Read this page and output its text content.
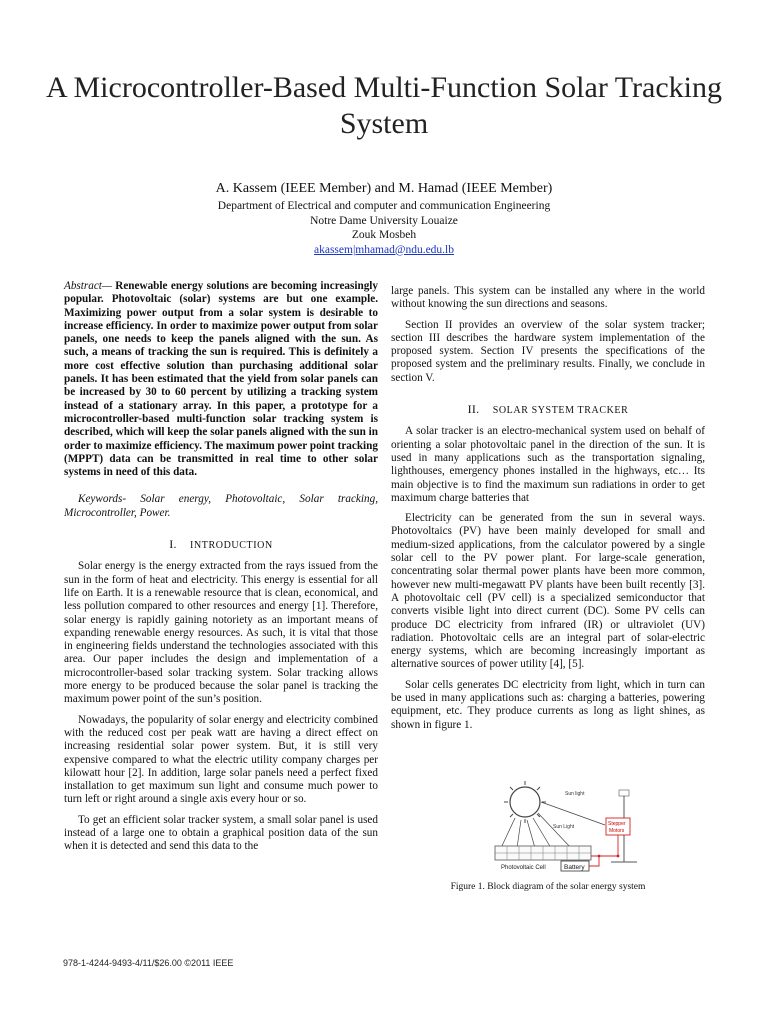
A Microcontroller-Based Multi-Function Solar Tracking System
A. Kassem (IEEE Member) and M. Hamad (IEEE Member)
Department of Electrical and computer and communication Engineering
Notre Dame University Louaize
Zouk Mosbeh
akassem|mhamad@ndu.edu.lb

Abstract— Renewable energy solutions are becoming increasingly popular. Photovoltaic (solar) systems are but one example. Maximizing power output from a solar system is desirable to increase efficiency. In order to maximize power output from solar panels, one needs to keep the panels aligned with the sun. As such, a means of tracking the sun is required. This is definitely a more cost effective solution than purchasing additional solar panels. It has been estimated that the yield from solar panels can be increased by 30 to 60 percent by utilizing a tracking system instead of a stationary array. In this paper, a prototype for a microcontroller-based multi-function solar tracking system is described, which will keep the solar panels aligned with the sun in order to maximize efficiency. The maximum power point tracking (MPPT) data can be transmitted in real time to other solar systems in need of this data.

Keywords- Solar energy, Photovoltaic, Solar tracking, Microcontroller, Power.

I. INTRODUCTION

Solar energy is the energy extracted from the rays issued from the sun in the form of heat and electricity. This energy is essential for all life on Earth. It is a renewable resource that is clean, economical, and less pollution compared to other resources and energy [1]. Therefore, solar energy is rapidly gaining notoriety as an important means of expanding renewable energy resources. As such, it is vital that those in engineering fields understand the technologies associated with this area. Our paper includes the design and implementation of a microcontroller-based solar tracking system. Solar tracking allows more energy to be produced because the solar panel is tracking the maximum power point of the sun’s position.

Nowadays, the popularity of solar energy and electricity combined with the reduced cost per peak watt are having a direct effect on increasing residential solar power system. But, it is still very expensive compared to what the electric utility company charges per kilowatt hour [2]. In addition, large solar panels need a perfect fixed installation to get maximum sun light and consume much power to turn left or right around a single axis every hour or so.

To get an efficient solar tracker system, a small solar panel is used instead of a large one to obtain a graphical position data of the sun when it is detected and send this data to the

large panels. This system can be installed any where in the world without knowing the sun directions and seasons.

Section II provides an overview of the solar system tracker; section III describes the hardware system implementation of the proposed system. Section IV presents the specifications of the proposed system and the preliminary results. Finally, we conclude in section V.

II. SOLAR SYSTEM TRACKER

A solar tracker is an electro-mechanical system used on behalf of orienting a solar photovoltaic panel in the direction of the sun. It is used in many applications such as the transportation signaling, lighthouses, emergency phones installed in the highways, etc… Its main objective is to find the maximum sun radiations in order to get maximum charge batteries that

Electricity can be generated from the sun in several ways. Photovoltaics (PV) have been mainly developed for small and medium-sized applications, from the calculator powered by a single solar cell to the PV power plant. For large-scale generation, concentrating solar thermal power plants have been more common, however new multi-megawatt PV plants have been built recently [3]. A photovoltaic cell (PV cell) is a specialized semiconductor that converts visible light into direct current (DC). Some PV cells can produce DC electricity from infrared (IR) or ultraviolet (UV) radiation. Photovoltaic cells are an integral part of solar-electric energy systems, which are becoming increasingly important as alternative sources of power utility [4], [5].

Solar cells generates DC electricity from light, which in turn can be used in many applications such as: charging a batteries, powering equipment, etc. They produce currents as long as light shines, as shown in figure 1.

Sun light
Sun Light
Photovoltaic Cell	Battery
Stepper
Motors
Figure 1. Block diagram of the solar energy system
978-1-4244-9493-4/11/$26.00 ©2011 IEEE
